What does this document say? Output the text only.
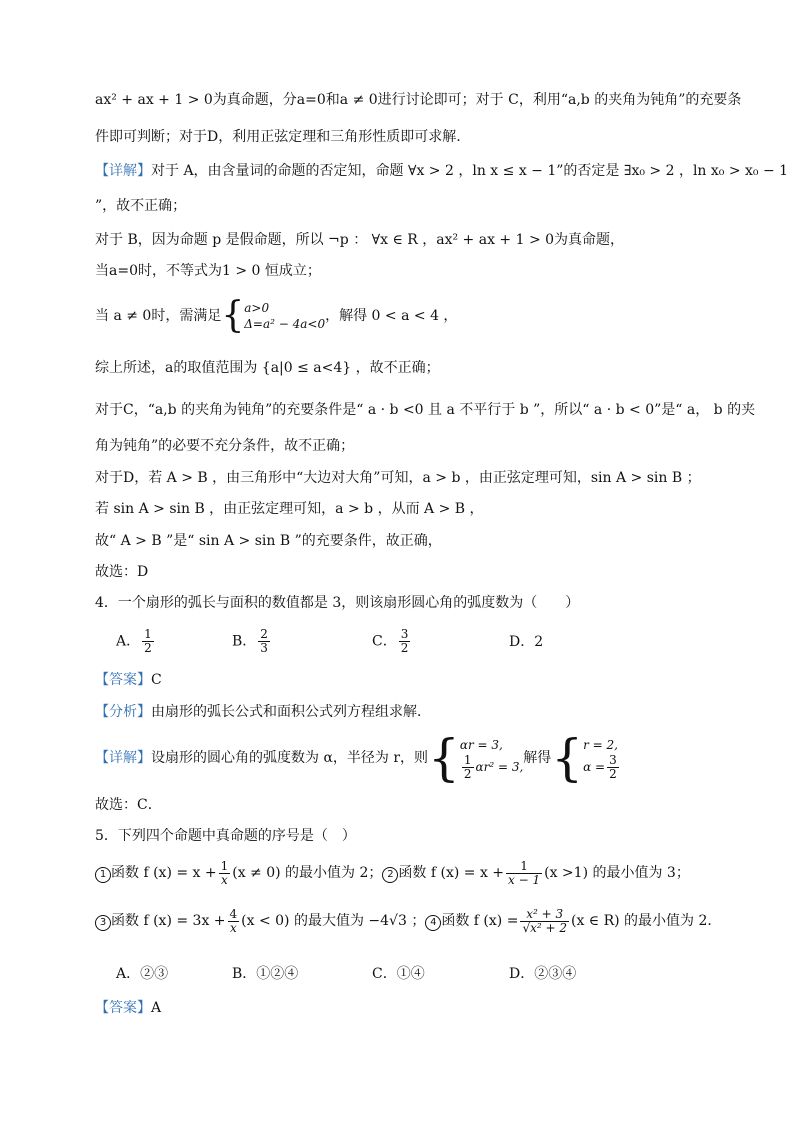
ax² + ax + 1 > 0为真命题，分a=0和a ≠ 0进行讨论即可；对于 C，利用“a,b 的夹角为钝角”的充要条
件即可判断；对于D，利用正弦定理和三角形性质即可求解.
【详解】对于 A，由含量词的命题的否定知，命题 ∀x > 2 ，ln x ≤ x − 1”的否定是 ∃x₀ > 2 ，ln x₀ > x₀ − 1
”，故不正确；
对于 B，因为命题 p 是假命题，所以 ¬p ： ∀x ∈ R ，ax² + ax + 1 > 0为真命题，
当a=0时，不等式为1 > 0 恒成立；
当 a ≠ 0时，需满足{ a>0
Δ=a² − 4a<0 ，解得 0 < a < 4 ，
综上所述，a的取值范围为 {a|0 ≤ a<4} ，故不正确；
对于C，“a,b 的夹角为钝角”的充要条件是“ a · b <0 且 a 不平行于 b ”，所以“ a · b < 0”是“ a， b 的夹
角为钝角”的必要不充分条件，故不正确；
对于D，若 A > B ，由三角形中“大边对大角”可知，a > b ，由正弦定理可知，sin A > sin B ；
若 sin A > sin B ，由正弦定理可知，a > b ，从而 A > B ，
故“ A > B ”是“ sin A > sin B ”的充要条件，故正确，
故选：D
4．一个扇形的弧长与面积的数值都是 3，则该扇形圆心角的弧度数为（　　）
A． $\frac{1}{2}$	B． $\frac{2}{3}$	C． $\frac{3}{2}$	D．2
【答案】C
【分析】由扇形的弧长公式和面积公式列方程组求解．
【详解】设扇形的圆心角的弧度数为 α，半径为 r，则{ αr = 3,
$\frac{1}{2} \alpha r^2 = 3$,
解得{ r = 2,
$\alpha = \frac{3}{2}$
故选：C．
5．下列四个命题中真命题的序号是（　）
1 函数 f $(x) = x + \frac{1}{x} (x \ne 0)$ 的最小值为 2； 2 函数 f $(x) = x + \frac{1}{x - 1} (x >1)$ 的最小值为 3；
3 函数 f $(x) = 3x + \frac{4}{x} (x < 0)$ 的最大值为 −4√3 ； 4 函数 f $(x) = \frac{\text{x² + 3}}{\text{√x² + 2}} (x$ ∈ R) 的最小值为 2．
A．②③	B．①②④	C．①④	D．②③④
【答案】A
